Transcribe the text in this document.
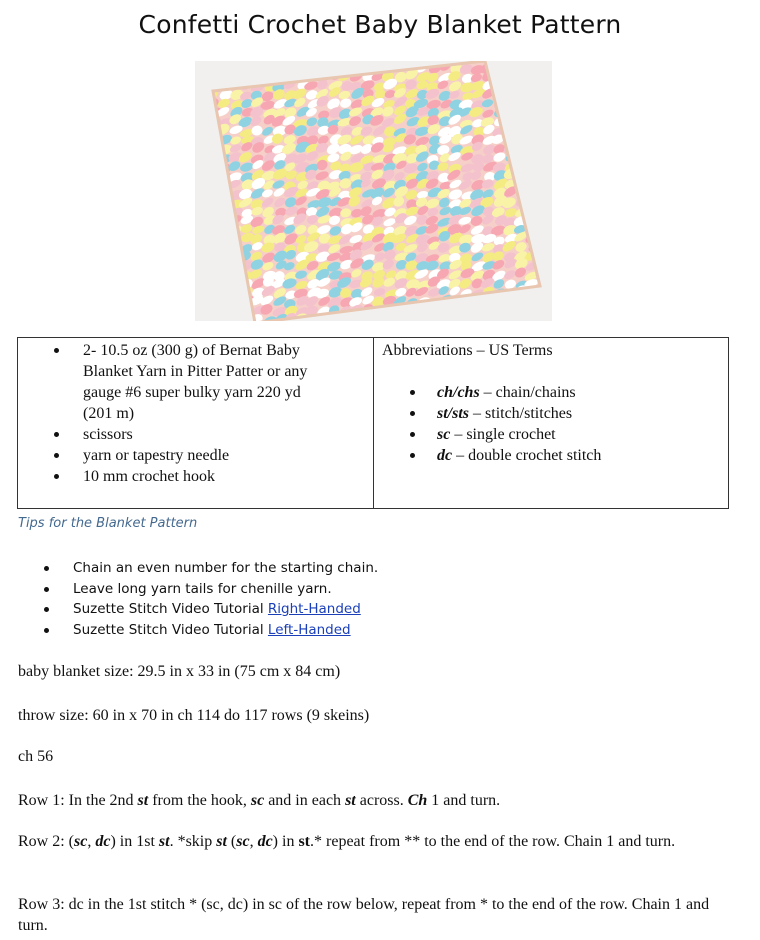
Confetti Crochet Baby Blanket Pattern
2- 10.5 oz (300 g) of Bernat Baby Blanket Yarn in Pitter Patter or any gauge #6 super bulky yarn 220 yd (201 m)
scissors
yarn or tapestry needle
10 mm crochet hook
Abbreviations – US Terms
ch/chs – chain/chains
st/sts – stitch/stitches
sc – single crochet
dc – double crochet stitch
Tips for the Blanket Pattern
Chain an even number for the starting chain.
Leave long yarn tails for chenille yarn.
Suzette Stitch Video Tutorial Right-Handed
Suzette Stitch Video Tutorial Left-Handed
baby blanket size: 29.5 in x 33 in (75 cm x 84 cm)
throw size: 60 in x 70 in ch 114 do 117 rows (9 skeins)
ch 56
Row 1: In the 2nd st from the hook, sc and in each st across. Ch 1 and turn.
Row 2: (sc, dc) in 1st st. *skip st (sc, dc) in st.* repeat from ** to the end of the row. Chain 1 and turn.
Row 3: dc in the 1st stitch * (sc, dc) in sc of the row below, repeat from * to the end of the row. Chain 1 and turn.
